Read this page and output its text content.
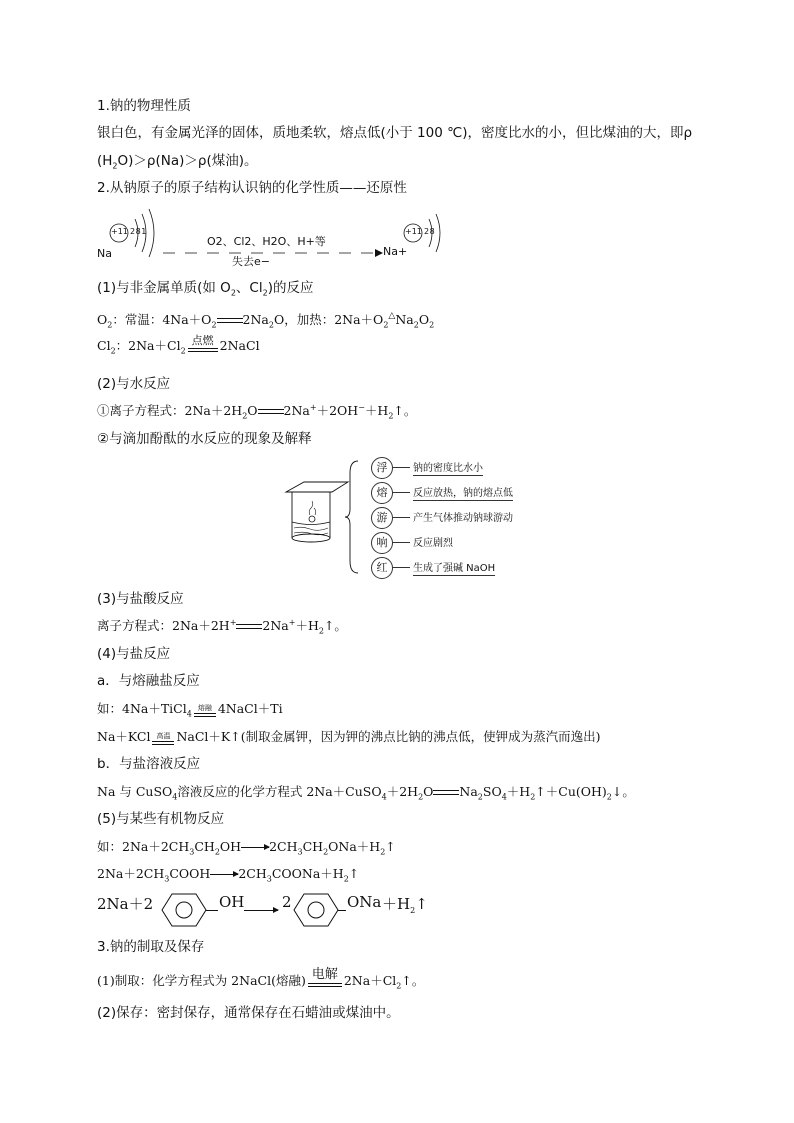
1.钠的物理性质
银白色，有金属光泽的固体，质地柔软，熔点低(小于 100 ℃)，密度比水的小，但比煤油的大，即ρ
$(H_2O)>\rho(Na)>\rho$(煤油)。
2.从钠原子的原子结构认识钠的化学性质——还原性
+11 2 8 1
Na
O2、Cl2、H2O、H+等
失去e−
+11 2 8
Na+
(1)与非金属单质(如 $O_2$、$Cl_2$)的反应
$O_2$：常温：$4Na+O_2$ $2Na_2O$，加热：$2Na+O_2^\triangle Na_2O_2$
$Cl_2$：$2Na+Cl_2$
点燃 2NaCl
(2)与水反应
①离子方程式：$2Na+2H_2O$ $2Na^++2OH^-+H_2↑$。
②与滴加酚酞的水反应的现象及解释
浮	钠的密度比水小
熔	反应放热，钠的熔点低
游	产生气体推动钠球游动
响	反应剧烈
红	生成了强碱 NaOH
(3)与盐酸反应
离子方程式：2Na＋2H+ $2Na^++H_2↑$。
(4)与盐反应
a．与熔融盐反应
如：4Na＋TiCl$_4$
熔融 4NaCl＋Ti
Na＋KCl 高温 NaCl＋K↑(制取金属钾，因为钾的沸点比钠的沸点低，使钾成为蒸汽而逸出)
b．与盐溶液反应
Na 与 CuSO$_4$溶液反应的化学方程式 $2Na+CuSO_4+2H_2O$ $Na_2SO_4+H_2↑+Cu(OH)_2↓$。
(5)与某些有机物反应
如：$2Na+2CH_3CH_2OH$ $2CH_3CH_2ONa+H_2↑$
$2Na+2CH_3COOH$ $2CH_3COONa+H_2↑$
2Na＋2	OH	2	ONa $+H_2↑$
3.钠的制取及保存
(1)制取：化学方程式为 2NaCl(熔融) 电解 $2Na+Cl_2↑$。
(2)保存：密封保存，通常保存在石蜡油或煤油中。
